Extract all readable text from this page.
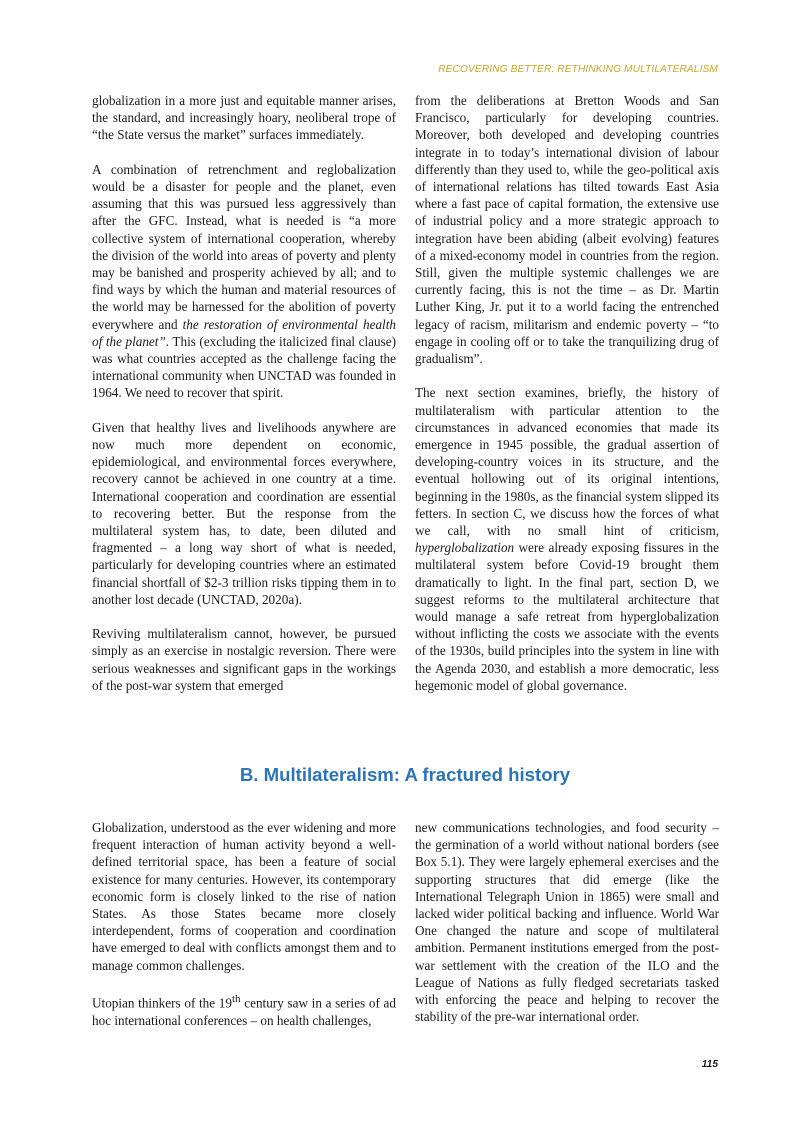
RECOVERING BETTER: RETHINKING MULTILATERALISM

globalization in a more just and equitable manner arises, the standard, and increasingly hoary, neoliberal trope of “the State versus the market” surfaces immediately.

A combination of retrenchment and reglobalization would be a disaster for people and the planet, even assuming that this was pursued less aggressively than after the GFC. Instead, what is needed is “a more collective system of international cooperation, whereby the division of the world into areas of poverty and plenty may be banished and prosperity achieved by all; and to find ways by which the human and material resources of the world may be harnessed for the abolition of poverty everywhere and the restoration of environmental health of the planet”. This (excluding the italicized final clause) was what countries accepted as the challenge facing the international community when UNCTAD was founded in 1964. We need to recover that spirit.

Given that healthy lives and livelihoods anywhere are now much more dependent on economic, epidemiological, and environmental forces everywhere, recovery cannot be achieved in one country at a time. International cooperation and coordination are essential to recovering better. But the response from the multilateral system has, to date, been diluted and fragmented – a long way short of what is needed, particularly for developing countries where an estimated financial shortfall of $2-3 trillion risks tipping them in to another lost decade (UNCTAD, 2020a).

Reviving multilateralism cannot, however, be pursued simply as an exercise in nostalgic reversion. There were serious weaknesses and significant gaps in the workings of the post-war system that emerged

from the deliberations at Bretton Woods and San Francisco, particularly for developing countries. Moreover, both developed and developing countries integrate in to today’s international division of labour differently than they used to, while the geo-political axis of international relations has tilted towards East Asia where a fast pace of capital formation, the extensive use of industrial policy and a more strategic approach to integration have been abiding (albeit evolving) features of a mixed-economy model in countries from the region. Still, given the multiple systemic challenges we are currently facing, this is not the time – as Dr. Martin Luther King, Jr. put it to a world facing the entrenched legacy of racism, militarism and endemic poverty – “to engage in cooling off or to take the tranquilizing drug of gradualism”.

The next section examines, briefly, the history of multilateralism with particular attention to the circumstances in advanced economies that made its emergence in 1945 possible, the gradual assertion of developing-country voices in its structure, and the eventual hollowing out of its original intentions, beginning in the 1980s, as the financial system slipped its fetters. In section C, we discuss how the forces of what we call, with no small hint of criticism, hyperglobalization were already exposing fissures in the multilateral system before Covid-19 brought them dramatically to light. In the final part, section D, we suggest reforms to the multilateral architecture that would manage a safe retreat from hyperglobalization without inflicting the costs we associate with the events of the 1930s, build principles into the system in line with the Agenda 2030, and establish a more democratic, less hegemonic model of global governance.

B. Multilateralism: A fractured history

Globalization, understood as the ever widening and more frequent interaction of human activity beyond a well-defined territorial space, has been a feature of social existence for many centuries. However, its contemporary economic form is closely linked to the rise of nation States. As those States became more closely interdependent, forms of cooperation and coordination have emerged to deal with conflicts amongst them and to manage common challenges.

Utopian thinkers of the 19th century saw in a series of ad hoc international conferences – on health challenges,

new communications technologies, and food security – the germination of a world without national borders (see Box 5.1). They were largely ephemeral exercises and the supporting structures that did emerge (like the International Telegraph Union in 1865) were small and lacked wider political backing and influence. World War One changed the nature and scope of multilateral ambition. Permanent institutions emerged from the post-war settlement with the creation of the ILO and the League of Nations as fully fledged secretariats tasked with enforcing the peace and helping to recover the stability of the pre-war international order.

115
